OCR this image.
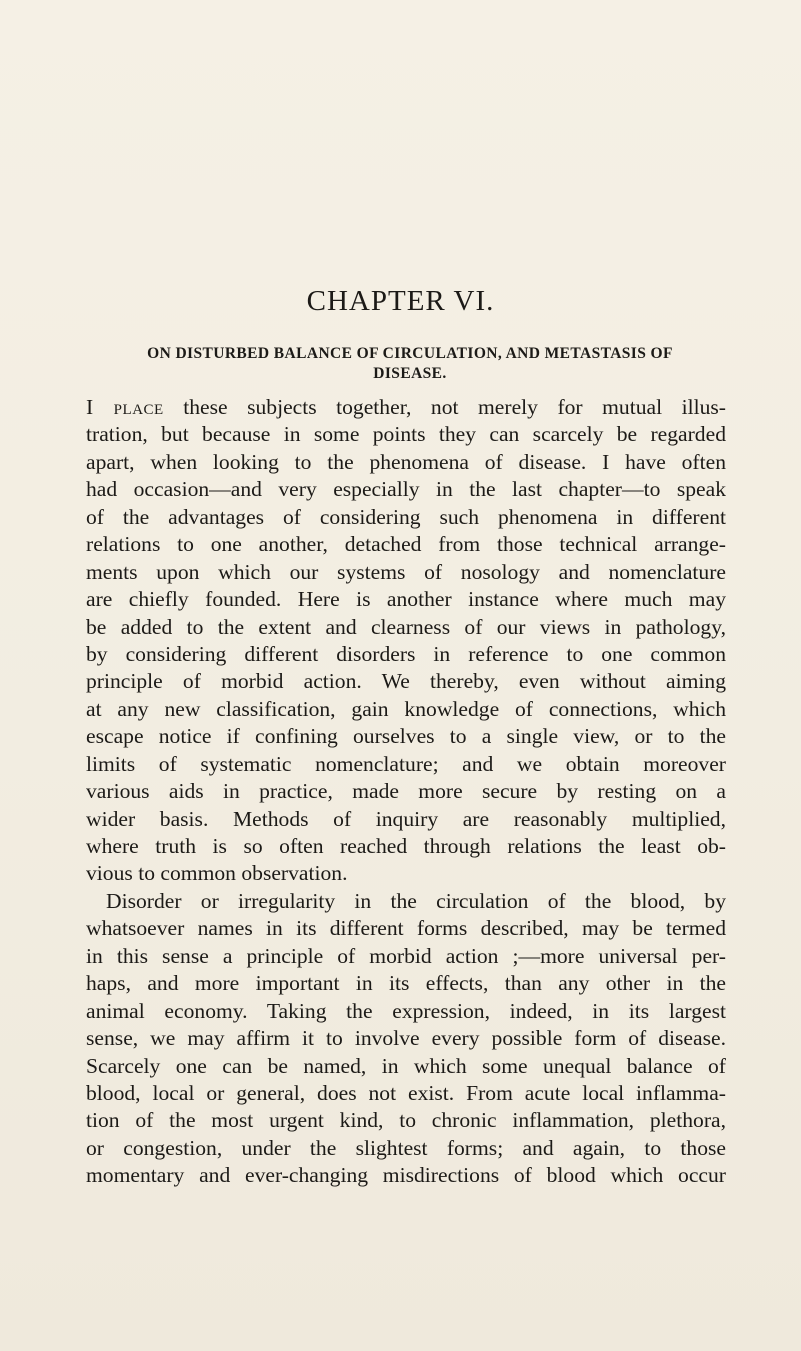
CHAPTER VI.

ON DISTURBED BALANCE OF CIRCULATION, AND METASTASIS OF DISEASE.

I place these subjects together, not merely for mutual illus-
tration, but because in some points they can scarcely be regarded
apart, when looking to the phenomena of disease. I have often
had occasion—and very especially in the last chapter—to speak
of the advantages of considering such phenomena in different
relations to one another, detached from those technical arrange-
ments upon which our systems of nosology and nomenclature
are chiefly founded. Here is another instance where much may
be added to the extent and clearness of our views in pathology,
by considering different disorders in reference to one common
principle of morbid action. We thereby, even without aiming
at any new classification, gain knowledge of connections, which
escape notice if confining ourselves to a single view, or to the
limits of systematic nomenclature; and we obtain moreover
various aids in practice, made more secure by resting on a
wider basis. Methods of inquiry are reasonably multiplied,
where truth is so often reached through relations the least ob-
vious to common observation.
Disorder or irregularity in the circulation of the blood, by
whatsoever names in its different forms described, may be termed
in this sense a principle of morbid action ;—more universal per-
haps, and more important in its effects, than any other in the
animal economy. Taking the expression, indeed, in its largest
sense, we may affirm it to involve every possible form of disease.
Scarcely one can be named, in which some unequal balance of
blood, local or general, does not exist. From acute local inflamma-
tion of the most urgent kind, to chronic inflammation, plethora,
or congestion, under the slightest forms; and again, to those
momentary and ever-changing misdirections of blood which occur
